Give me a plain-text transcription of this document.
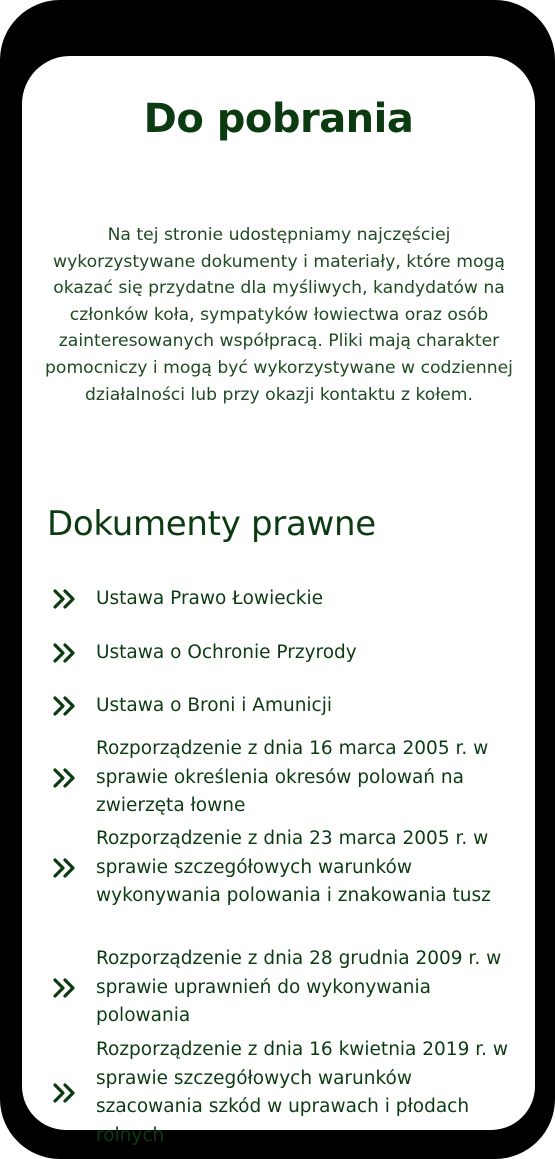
Do pobrania

Na tej stronie udostępniamy najczęściej wykorzystywane dokumenty i materiały, które mogą okazać się przydatne dla myśliwych, kandydatów na członków koła, sympatyków łowiectwa oraz osób zainteresowanych współpracą. Pliki mają charakter pomocniczy i mogą być wykorzystywane w codziennej działalności lub przy okazji kontaktu z kołem.

Dokumenty prawne
Ustawa Prawo Łowieckie
Ustawa o Ochronie Przyrody
Ustawa o Broni i Amunicji
Rozporządzenie z dnia 16 marca 2005 r. w sprawie określenia okresów polowań na zwierzęta łowne
Rozporządzenie z dnia 23 marca 2005 r. w sprawie szczegółowych warunków wykonywania polowania i znakowania tusz
Rozporządzenie z dnia 28 grudnia 2009 r. w sprawie uprawnień do wykonywania polowania
Rozporządzenie z dnia 16 kwietnia 2019 r. w sprawie szczegółowych warunków szacowania szkód w uprawach i płodach rolnych
